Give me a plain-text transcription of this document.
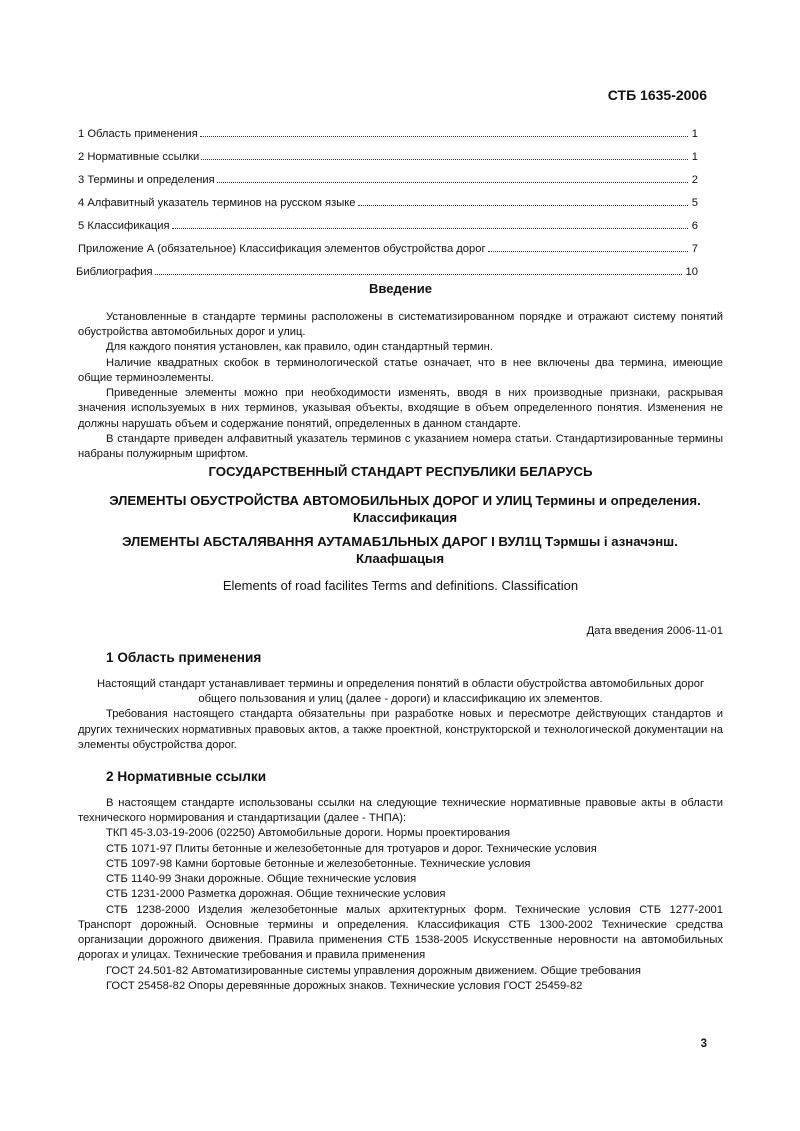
СТБ 1635-2006
1 Область применения	1
2 Нормативные ссылки	1
3 Термины и определения	2
4 Алфавитный указатель терминов на русском языке	5
5 Классификация	6
Приложение А (обязательное) Классификация элементов обустройства дорог	7
Библиография	10
Введение

Установленные в стандарте термины расположены в систематизированном порядке и отражают систему понятий обустройства автомобильных дорог и улиц.

Для каждого понятия установлен, как правило, один стандартный термин.

Наличие квадратных скобок в терминологической статье означает, что в нее включены два термина, имеющие общие терминоэлементы.

Приведенные элементы можно при необходимости изменять, вводя в них производные признаки, раскрывая значения используемых в них терминов, указывая объекты, входящие в объем определенного понятия. Изменения не должны нарушать объем и содержание понятий, определенных в данном стандарте.

В стандарте приведен алфавитный указатель терминов с указанием номера статьи. Стандартизированные термины набраны полужирным шрифтом.

ГОСУДАРСТВЕННЫЙ СТАНДАРТ РЕСПУБЛИКИ БЕЛАРУСЬ
ЭЛЕМЕНТЫ ОБУСТРОЙСТВА АВТОМОБИЛЬНЫХ ДОРОГ И УЛИЦ Термины и определения. Классификация
ЭЛЕМЕНТЫ АБСТАЛЯВАННЯ АУТАМАБ1ЛЬНЫХ ДАРОГ I ВУЛ1Ц Тэрмшы i азначэнш. Клаафшацыя
Elements of road facilites Terms and definitions. Classification
Дата введения 2006-11-01
1 Область применения

Настоящий стандарт устанавливает термины и определения понятий в области обустройства автомобильных дорог общего пользования и улиц (далее - дороги) и классификацию их элементов.

Требования настоящего стандарта обязательны при разработке новых и пересмотре действующих стандартов и других технических нормативных правовых актов, а также проектной, конструкторской и технологической документации на элементы обустройства дорог.

2 Нормативные ссылки

В настоящем стандарте использованы ссылки на следующие технические нормативные правовые акты в области технического нормирования и стандартизации (далее - ТНПА):

ТКП 45-3.03-19-2006 (02250) Автомобильные дороги. Нормы проектирования

СТБ 1071-97 Плиты бетонные и железобетонные для тротуаров и дорог. Технические условия

СТБ 1097-98 Камни бортовые бетонные и железобетонные. Технические условия

СТБ 1140-99 Знаки дорожные. Общие технические условия

СТБ 1231-2000 Разметка дорожная. Общие технические условия

СТБ 1238-2000 Изделия железобетонные малых архитектурных форм. Технические условия СТБ 1277-2001 Транспорт дорожный. Основные термины и определения. Классификация СТБ 1300-2002 Технические средства организации дорожного движения. Правила применения СТБ 1538-2005 Искусственные неровности на автомобильных дорогах и улицах. Технические требования и правила применения

ГОСТ 24.501-82 Автоматизированные системы управления дорожным движением. Общие требования

ГОСТ 25458-82 Опоры деревянные дорожных знаков. Технические условия ГОСТ 25459-82

3
